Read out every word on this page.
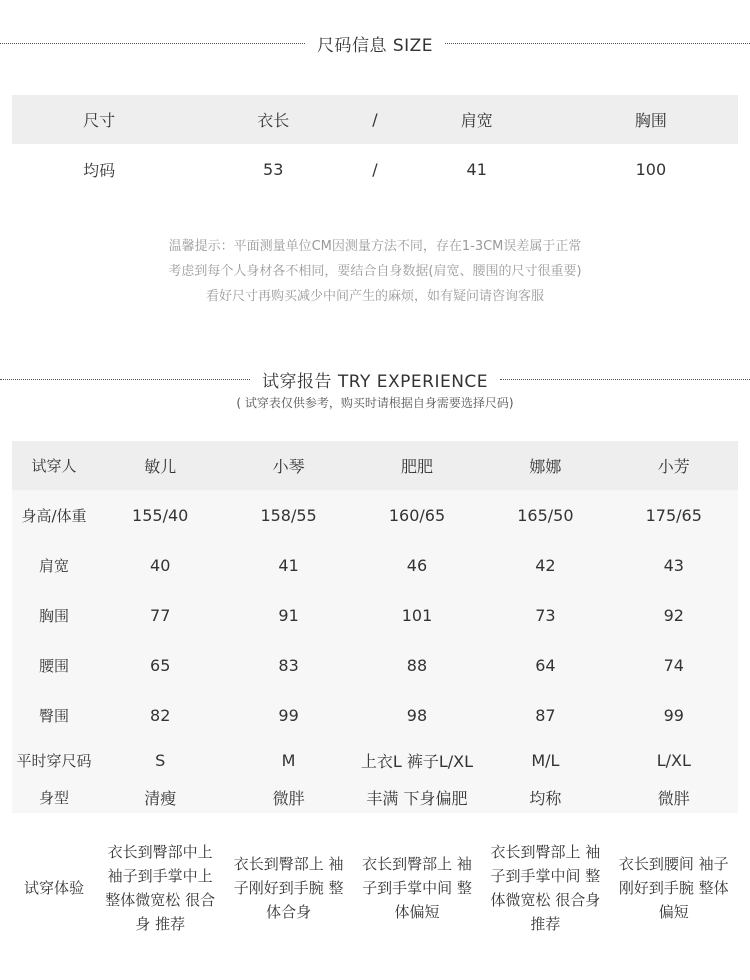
尺码信息 SIZE
尺寸	衣长	/	肩宽	胸围
均码	53	/	41	100
温馨提示：平面测量单位CM因测量方法不同，存在1-3CM误差属于正常
考虑到每个人身材各不相同，要结合自身数据(肩宽、腰围的尺寸很重要)
看好尺寸再购买减少中间产生的麻烦，如有疑问请咨询客服
试穿报告 TRY EXPERIENCE
( 试穿表仅供参考，购买时请根据自身需要选择尺码)
试穿人	敏儿	小琴	肥肥	娜娜	小芳
身高/体重	155/40	158/55	160/65	165/50	175/65
肩宽	40	41	46	42	43
胸围	77	91	101	73	92
腰围	65	83	88	64	74
臀围	82	99	98	87	99
平时穿尺码	S	M	上衣L 裤子L/XL	M/L	L/XL
身型	清瘦	微胖	丰满 下身偏肥	均称	微胖
试穿体验	衣长到臀部中上 袖子到手掌中上 整体微宽松 很合身 推荐	衣长到臀部上 袖子刚好到手腕 整体合身	衣长到臀部上 袖子到手掌中间 整体偏短	衣长到臀部上 袖子到手掌中间 整体微宽松 很合身 推荐	衣长到腰间 袖子刚好到手腕 整体偏短
